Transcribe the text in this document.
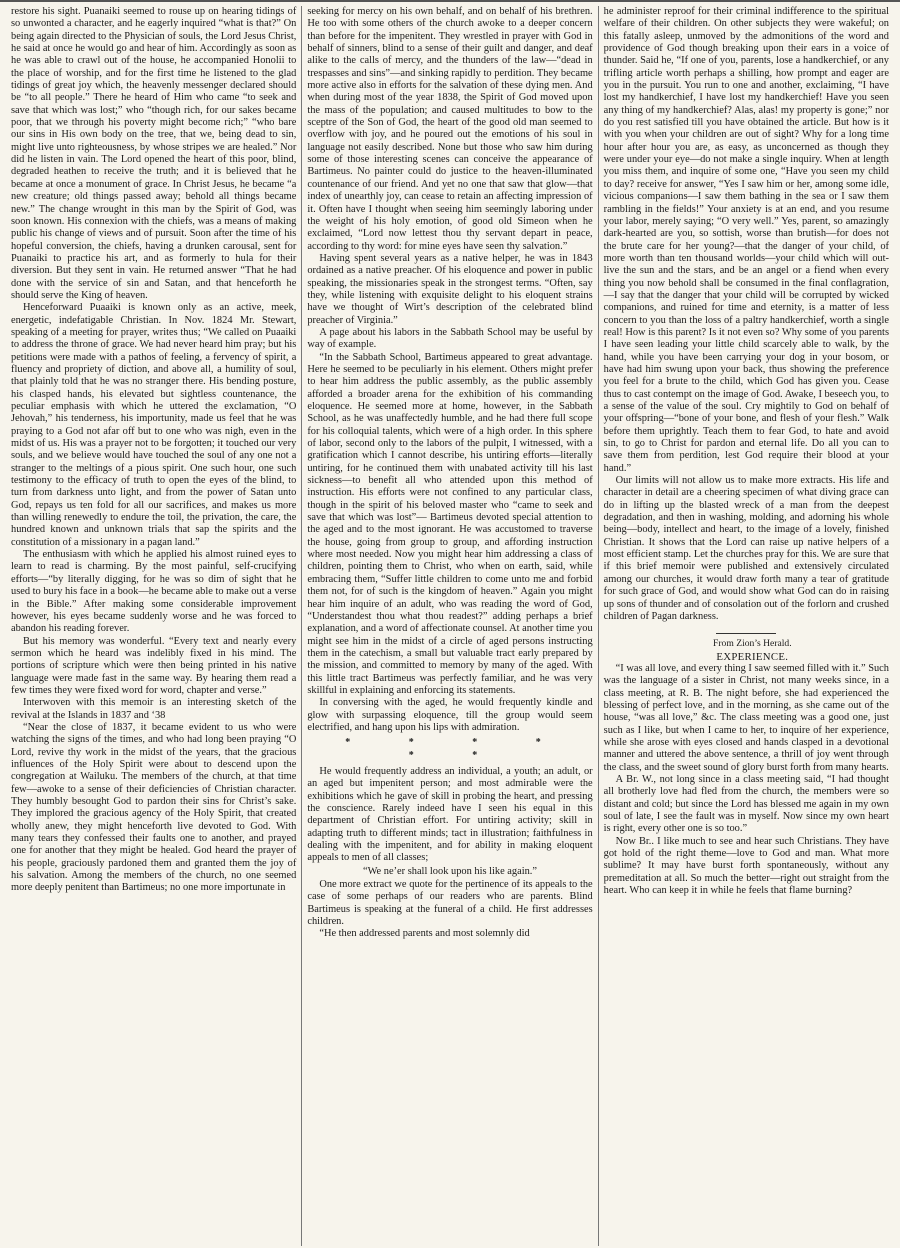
restore his sight. Puanaiki seemed to rouse up on hearing tidings of so unwonted a character, and he eagerly inquired “what is that?” On being again directed to the Physician of souls, the Lord Jesus Christ, he said at once he would go and hear of him. Accordingly as soon as he was able to crawl out of the house, he accompanied Honolii to the place of worship, and for the first time he listened to the glad tidings of great joy which, the heavenly messenger declared should be “to all people.” There he heard of Him who came “to seek and save that which was lost;” who “though rich, for our sakes became poor, that we through his poverty might become rich;” “who bare our sins in His own body on the tree, that we, being dead to sin, might live unto righteousness, by whose stripes we are healed.” Nor did he listen in vain. The Lord opened the heart of this poor, blind, degraded heathen to receive the truth; and it is believed that he became at once a monument of grace. In Christ Jesus, he became “a new creature; old things passed away; behold all things became new.” The change wrought in this man by the Spirit of God, was soon known. His connexion with the chiefs, was a means of making public his change of views and of pursuit. Soon after the time of his hopeful conversion, the chiefs, having a drunken carousal, sent for Puanaiki to practice his art, and as formerly to hula for their diversion. But they sent in vain. He returned answer “That he had done with the service of sin and Satan, and that henceforth he should serve the King of heaven.

Henceforward Puaaiki is known only as an active, meek, energetic, indefatigable Christian. In Nov. 1824 Mr. Stewart, speaking of a meeting for prayer, writes thus; “We called on Puaaiki to address the throne of grace. We had never heard him pray; but his petitions were made with a pathos of feeling, a fervency of spirit, a fluency and propriety of diction, and above all, a humility of soul, that plainly told that he was no stranger there. His bending posture, his clasped hands, his elevated but sightless countenance, the peculiar emphasis with which he uttered the exclamation, “O Jehovah,” his tenderness, his importunity, made us feel that he was praying to a God not afar off but to one who was nigh, even in the midst of us. His was a prayer not to be forgotten; it touched our very souls, and we believe would have touched the soul of any one not a stranger to the meltings of a pious spirit. One such hour, one such testimony to the efficacy of truth to open the eyes of the blind, to turn from darkness unto light, and from the power of Satan unto God, repays us ten fold for all our sacrifices, and makes us more than willing renewedly to endure the toil, the privation, the care, the hundred known and unknown trials that sap the spirits and the constitution of a missionary in a pagan land.”

The enthusiasm with which he applied his almost ruined eyes to learn to read is charming. By the most painful, self-crucifying efforts—“by literally digging, for he was so dim of sight that he used to bury his face in a book—he became able to make out a verse in the Bible.” After making some considerable improvement however, his eyes became suddenly worse and he was forced to abandon his reading forever.

But his memory was wonderful. “Every text and nearly every sermon which he heard was indelibly fixed in his mind. The portions of scripture which were then being printed in his native language were made fast in the same way. By hearing them read a few times they were fixed word for word, chapter and verse.”

Interwoven with this memoir is an interesting sketch of the revival at the Islands in 1837 and ‘38

“Near the close of 1837, it became evident to us who were watching the signs of the times, and who had long been praying “O Lord, revive thy work in the midst of the years, that the gracious influences of the Holy Spirit were about to descend upon the congregation at Wailuku. The members of the church, at that time few—awoke to a sense of their deficiencies of Christian character. They humbly besought God to pardon their sins for Christ’s sake. They implored the gracious agency of the Holy Spirit, that created wholly anew, they might henceforth live devoted to God. With many tears they confessed their faults one to another, and prayed one for another that they might be healed. God heard the prayer of his people, graciously pardoned them and granted them the joy of his salvation. Among the members of the church, no one seemed more deeply penitent than Bartimeus; no one more importunate in

seeking for mercy on his own behalf, and on behalf of his brethren. He too with some others of the church awoke to a deeper concern than before for the impenitent. They wrestled in prayer with God in behalf of sinners, blind to a sense of their guilt and danger, and deaf alike to the calls of mercy, and the thunders of the law—“dead in trespasses and sins”—and sinking rapidly to perdition. They became more active also in efforts for the salvation of these dying men. And when during most of the year 1838, the Spirit of God moved upon the mass of the population; and caused multitudes to bow to the sceptre of the Son of God, the heart of the good old man seemed to overflow with joy, and he poured out the emotions of his soul in language not easily described. None but those who saw him during some of those interesting scenes can conceive the appearance of Bartimeus. No painter could do justice to the heaven-illuminated countenance of our friend. And yet no one that saw that glow—that index of unearthly joy, can cease to retain an affecting impression of it. Often have I thought when seeing him seemingly laboring under the weight of his holy emotion, of good old Simeon when he exclaimed, “Lord now lettest thou thy servant depart in peace, according to thy word: for mine eyes have seen thy salvation.”

Having spent several years as a native helper, he was in 1843 ordained as a native preacher. Of his eloquence and power in public speaking, the missionaries speak in the strongest terms. “Often, say they, while listening with exquisite delight to his eloquent strains have we thought of Wirt’s description of the celebrated blind preacher of Virginia.”

A page about his labors in the Sabbath School may be useful by way of example.

“In the Sabbath School, Bartimeus appeared to great advantage. Here he seemed to be peculiarly in his element. Others might prefer to hear him address the public assembly, as the public assembly afforded a broader arena for the exhibition of his commanding eloquence. He seemed more at home, however, in the Sabbath School, as he was unaffectedly humble, and he had there full scope for his colloquial talents, which were of a high order. In this sphere of labor, second only to the labors of the pulpit, I witnessed, with a gratification which I cannot describe, his untiring efforts—literally untiring, for he continued them with unabated activity till his last sickness—to benefit all who attended upon this method of instruction. His efforts were not confined to any particular class, though in the spirit of his beloved master who “came to seek and save that which was lost”— Bartimeus devoted special attention to the aged and to the most ignorant. He was accustomed to traverse the house, going from group to group, and affording instruction where most needed. Now you might hear him addressing a class of children, pointing them to Christ, who when on earth, said, while embracing them, “Suffer little children to come unto me and forbid them not, for of such is the kingdom of heaven.” Again you might hear him inquire of an adult, who was reading the word of God, “Understandest thou what thou readest?” adding perhaps a brief explanation, and a word of affectionate counsel. At another time you might see him in the midst of a circle of aged persons instructing them in the catechism, a small but valuable tract early prepared by the mission, and committed to memory by many of the aged. With this little tract Bartimeus was perfectly familiar, and he was very skillful in explaining and enforcing its statements.

In conversing with the aged, he would frequently kindle and glow with surpassing eloquence, till the group would seem electrified, and hang upon his lips with admiration.

* * * * * *

He would frequently address an individual, a youth; an adult, or an aged but impenitent person; and most admirable were the exhibitions which he gave of skill in probing the heart, and pressing the conscience. Rarely indeed have I seen his equal in this department of Christian effort. For untiring activity; skill in adapting truth to different minds; tact in illustration; faithfulness in dealing with the impenitent, and for ability in making eloquent appeals to men of all classes;

“We ne’er shall look upon his like again.”

One more extract we quote for the pertinence of its appeals to the case of some perhaps of our readers who are parents. Blind Bartimeus is speaking at the funeral of a child. He first addresses children.

“He then addressed parents and most solemnly did

he administer reproof for their criminal indifference to the spiritual welfare of their children. On other subjects they were wakeful; on this fatally asleep, unmoved by the admonitions of the word and providence of God though breaking upon their ears in a voice of thunder. Said he, “If one of you, parents, lose a handkerchief, or any trifling article worth perhaps a shilling, how prompt and eager are you in the pursuit. You run to one and another, exclaiming, “I have lost my handkerchief, I have lost my handkerchief! Have you seen any thing of my handkerchief? Alas, alas! my property is gone;” nor do you rest satisfied till you have obtained the article. But how is it with you when your children are out of sight? Why for a long time hour after hour you are, as easy, as unconcerned as though they were under your eye—do not make a single inquiry. When at length you miss them, and inquire of some one, “Have you seen my child to day? receive for answer, “Yes I saw him or her, among some idle, vicious companions—I saw them bathing in the sea or I saw them rambling in the fields!” Your anxiety is at an end, and you resume your labor, merely saying; “O very well.” Yes, parent, so amazingly dark-hearted are you, so sottish, worse than brutish—for does not the brute care for her young?—that the danger of your child, of more worth than ten thousand worlds—your child which will out-live the sun and the stars, and be an angel or a fiend when every thing you now behold shall be consumed in the final conflagration,—I say that the danger that your child will be corrupted by wicked companions, and ruined for time and eternity, is a matter of less concern to you than the loss of a paltry handkerchief, worth a single real! How is this parent? Is it not even so? Why some of you parents I have seen leading your little child scarcely able to walk, by the hand, while you have been carrying your dog in your bosom, or have had him swung upon your back, thus showing the preference you feel for a brute to the child, which God has given you. Cease thus to cast contempt on the image of God. Awake, I beseech you, to a sense of the value of the soul. Cry mightily to God on behalf of your offspring—“bone of your bone, and flesh of your flesh.” Walk before them uprightly. Teach them to fear God, to hate and avoid sin, to go to Christ for pardon and eternal life. Do all you can to save them from perdition, lest God require their blood at your hand.”

Our limits will not allow us to make more extracts. His life and character in detail are a cheering specimen of what diving grace can do in lifting up the blasted wreck of a man from the deepest degradation, and then in washing, molding, and adorning his whole being—body, intellect and heart, to the image of a lovely, finished Christian. It shows that the Lord can raise up native helpers of a most efficient stamp. Let the churches pray for this. We are sure that if this brief memoir were published and extensively circulated among our churches, it would draw forth many a tear of gratitude for such grace of God, and would show what God can do in raising up sons of thunder and of consolation out of the forlorn and crushed children of Pagan darkness.

From Zion’s Herald.

EXPERIENCE.

“I was all love, and every thing I saw seemed filled with it.” Such was the language of a sister in Christ, not many weeks since, in a class meeting, at R. B. The night before, she had experienced the blessing of perfect love, and in the morning, as she came out of the house, “was all love,” &c. The class meeting was a good one, just such as I like, but when I came to her, to inquire of her experience, while she arose with eyes closed and hands clasped in a devotional manner and uttered the above sentence, a thrill of joy went through the class, and the sweet sound of glory burst forth from many hearts.

A Br. W., not long since in a class meeting said, “I had thought all brotherly love had fled from the church, the members were so distant and cold; but since the Lord has blessed me again in my own soul of late, I see the fault was in myself. Now since my own heart is right, every other one is so too.”

Now Br.. I like much to see and hear such Christians. They have got hold of the right theme—love to God and man. What more sublime? It may have burst forth spontaneously, without any premeditation at all. So much the better—right out straight from the heart. Who can keep it in while he feels that flame burning?
